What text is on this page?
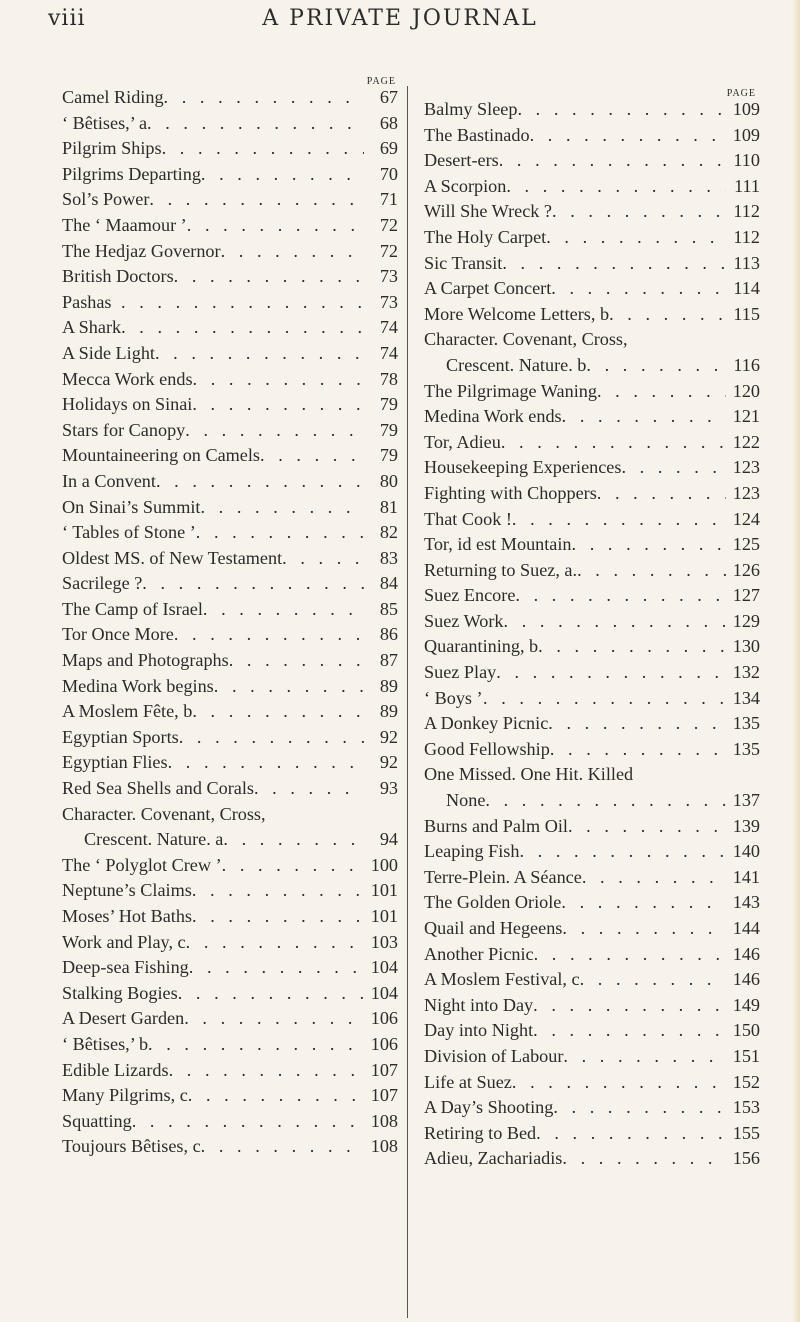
viii	A PRIVATE JOURNAL
PAGE
Camel Riding . .	67
‘ Bêtises,’ a . .	68
Pilgrim Ships . .	69
Pilgrims Departing . .	70
Sol’s Power . .	71
The ‘ Maamour ’ . .	72
The Hedjaz Governor . .	72
British Doctors . .	73
Pashas . .	73
A Shark . .	74
A Side Light . .	74
Mecca Work ends . .	78
Holidays on Sinai . .	79
Stars for Canopy . .	79
Mountaineering on Camels . .	79
In a Convent . .	80
On Sinai’s Summit . .	81
‘ Tables of Stone ’ . .	82
Oldest MS. of New Testament . .	83
Sacrilege ? . .	84
The Camp of Israel . .	85
Tor Once More . .	86
Maps and Photographs . .	87
Medina Work begins . .	89
A Moslem Fête, b . .	89
Egyptian Sports . .	92
Egyptian Flies . .	92
Red Sea Shells and Corals . .	93
Character. Covenant, Cross,
Crescent. Nature. a . .	94
The ‘ Polyglot Crew ’ . .	100
Neptune’s Claims . .	101
Moses’ Hot Baths . .	101
Work and Play, c . .	103
Deep-sea Fishing . .	104
Stalking Bogies . .	104
A Desert Garden . .	106
‘ Bêtises,’ b . .	106
Edible Lizards . .	107
Many Pilgrims, c . .	107
Squatting . .	108
Toujours Bêtises, c . .	108
PAGE
Balmy Sleep . .	109
The Bastinado . .	109
Desert-ers . .	110
A Scorpion . .	111
Will She Wreck ? . .	112
The Holy Carpet . .	112
Sic Transit . .	113
A Carpet Concert . .	114
More Welcome Letters, b . .	115
Character. Covenant, Cross,
Crescent. Nature. b . .	116
The Pilgrimage Waning . .	120
Medina Work ends . .	121
Tor, Adieu . .	122
Housekeeping Experiences . .	123
Fighting with Choppers . .	123
That Cook ! . .	124
Tor, id est Mountain . .	125
Returning to Suez, a. . .	126
Suez Encore . .	127
Suez Work . .	129
Quarantining, b . .	130
Suez Play . .	132
‘ Boys ’ . .	134
A Donkey Picnic . .	135
Good Fellowship . .	135
One Missed. One Hit. Killed
None . .	137
Burns and Palm Oil . .	139
Leaping Fish . .	140
Terre-Plein. A Séance . .	141
The Golden Oriole . .	143
Quail and Hegeens . .	144
Another Picnic . .	146
A Moslem Festival, c . .	146
Night into Day . .	149
Day into Night . .	150
Division of Labour . .	151
Life at Suez . .	152
A Day’s Shooting . .	153
Retiring to Bed . .	155
Adieu, Zachariadis . .	156
